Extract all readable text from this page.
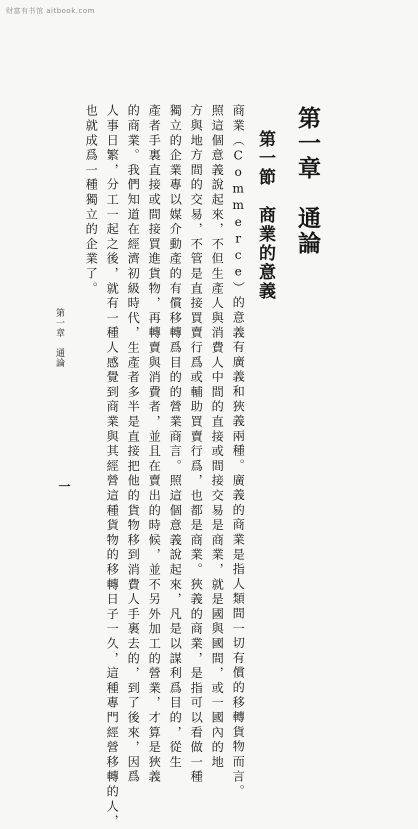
财富有书馆 aitbook.com
第一章　通論
第一節　商業的意義
商業（Commerce）的意義有廣義和狹義兩種。廣義的商業是指人類間一切有償的移轉貨物而言。
照這個意義說起來，不但生產人與消費人中間的直接或間接交易是商業，就是國與國間，或一國內的地
方與地方間的交易，不管是直接買賣行爲或輔助買賣行爲，也都是商業。狹義的商業，是指可以看做一種
獨立的企業專以媒介動產的有償移轉爲目的的營業商言。照這個意義說起來，凡是以謀利爲目的，從生
產者手裏直接或間接買進貨物，再轉賣與消費者，並且在賣出的時候，並不另外加工的營業，才算是狹義
的商業。我們知道在經濟初級時代，生產者多半是直接把他的貨物移到消費人手裏去的，到了後來，因爲
人事日繁，分工一起之後，就有一種人感覺到商業與其經營這種貨物的移轉日子一久，這種專門經營移轉的人，
也就成爲一種獨立的企業了。
第一章　通論
一
